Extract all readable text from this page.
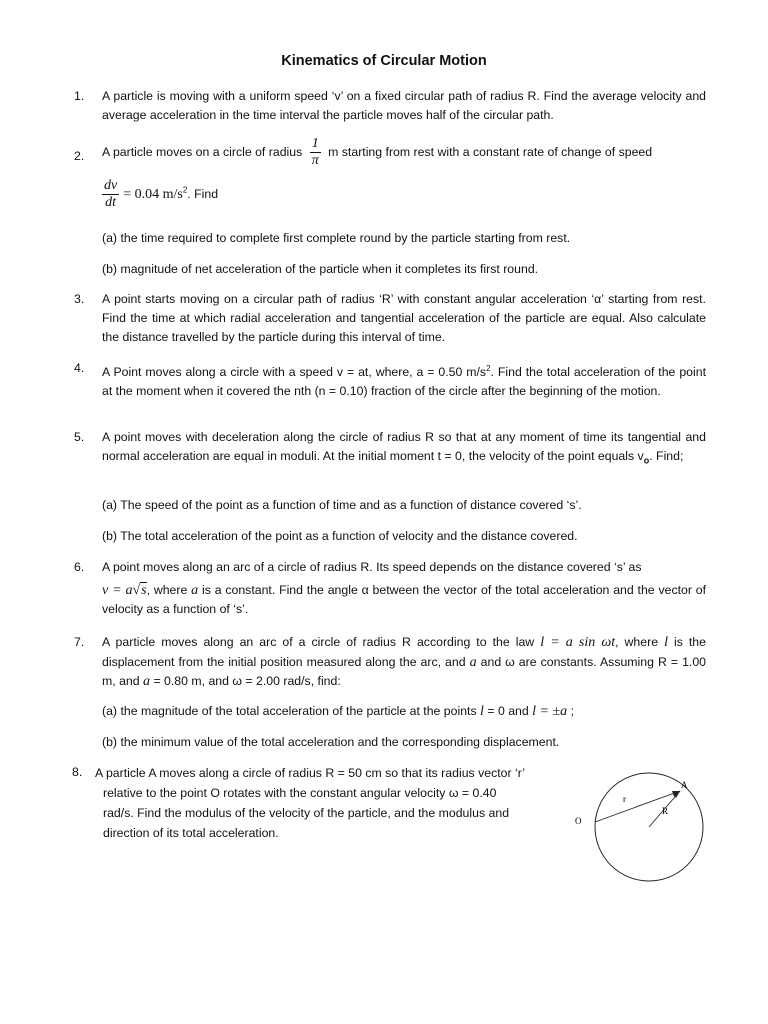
Kinematics of Circular Motion
1. A particle is moving with a uniform speed ‘v’ on a fixed circular path of radius R. Find the average velocity and average acceleration in the time interval the particle moves half of the circular path.
2. A particle moves on a circle of radius $\frac{1}{\pi}$ m starting from rest with a constant rate of change of speed
$\frac{dv}{dt} = 0.04$ $m/s^2$. Find
(a) the time required to complete first complete round by the particle starting from rest.
(b) magnitude of net acceleration of the particle when it completes its first round.
3. A point starts moving on a circular path of radius ‘R’ with constant angular acceleration ‘α’ starting from rest. Find the time at which radial acceleration and tangential acceleration of the particle are equal. Also calculate the distance travelled by the particle during this interval of time.
4. A Point moves along a circle with a speed v = at, where, a = 0.50 $m/s^2$. Find the total acceleration of the point at the moment when it covered the nth (n = 0.10) fraction of the circle after the beginning of the motion.
5. A point moves with deceleration along the circle of radius R so that at any moment of time its tangential and normal acceleration are equal in moduli. At the initial moment t = 0, the velocity of the point equals $v_o$. Find;
(a) The speed of the point as a function of time and as a function of distance covered ‘s’.
(b) The total acceleration of the point as a function of velocity and the distance covered.
6. A point moves along an arc of a circle of radius R. Its speed depends on the distance covered ‘s’ as
v = a√s, where a is a constant. Find the angle α between the vector of the total acceleration and the vector of velocity as a function of ‘s’.
7. A particle moves along an arc of a circle of radius R according to the law l = a sin ωt, where l is the displacement from the initial position measured along the arc, and a and ω are constants. Assuming R = 1.00 m, and a = 0.80 m, and ω = 2.00 rad/s, find:
(a) the magnitude of the total acceleration of the particle at the points l = 0 and l = ±a ;
(b) the minimum value of the total acceleration and the corresponding displacement.
8. A particle A moves along a circle of radius R = 50 cm so that its radius vector ‘r’
relative to the point O rotates with the constant angular velocity ω = 0.40
rad/s. Find the modulus of the velocity of the particle, and the modulus and
direction of its total acceleration.
A
O
r
R
